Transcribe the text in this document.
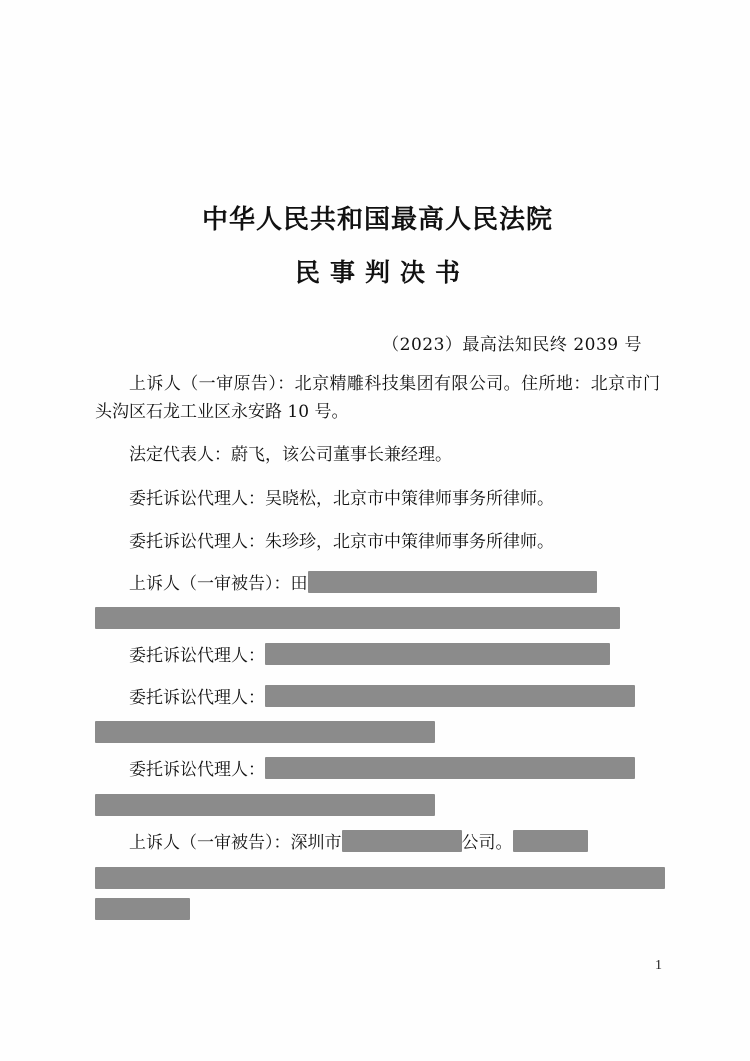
中华人民共和国最高人民法院
民事判决书
（2023）最高法知民终 2039 号
上诉人（一审原告）：北京精雕科技集团有限公司。住所地：北京市门头沟区石龙工业区永安路 10 号。
法定代表人：蔚飞，该公司董事长兼经理。
委托诉讼代理人：吴晓松，北京市中策律师事务所律师。
委托诉讼代理人：朱珍珍，北京市中策律师事务所律师。
上诉人（一审被告）：田
委托诉讼代理人：
委托诉讼代理人：
委托诉讼代理人：
上诉人（一审被告）：深圳市	公司。
1
